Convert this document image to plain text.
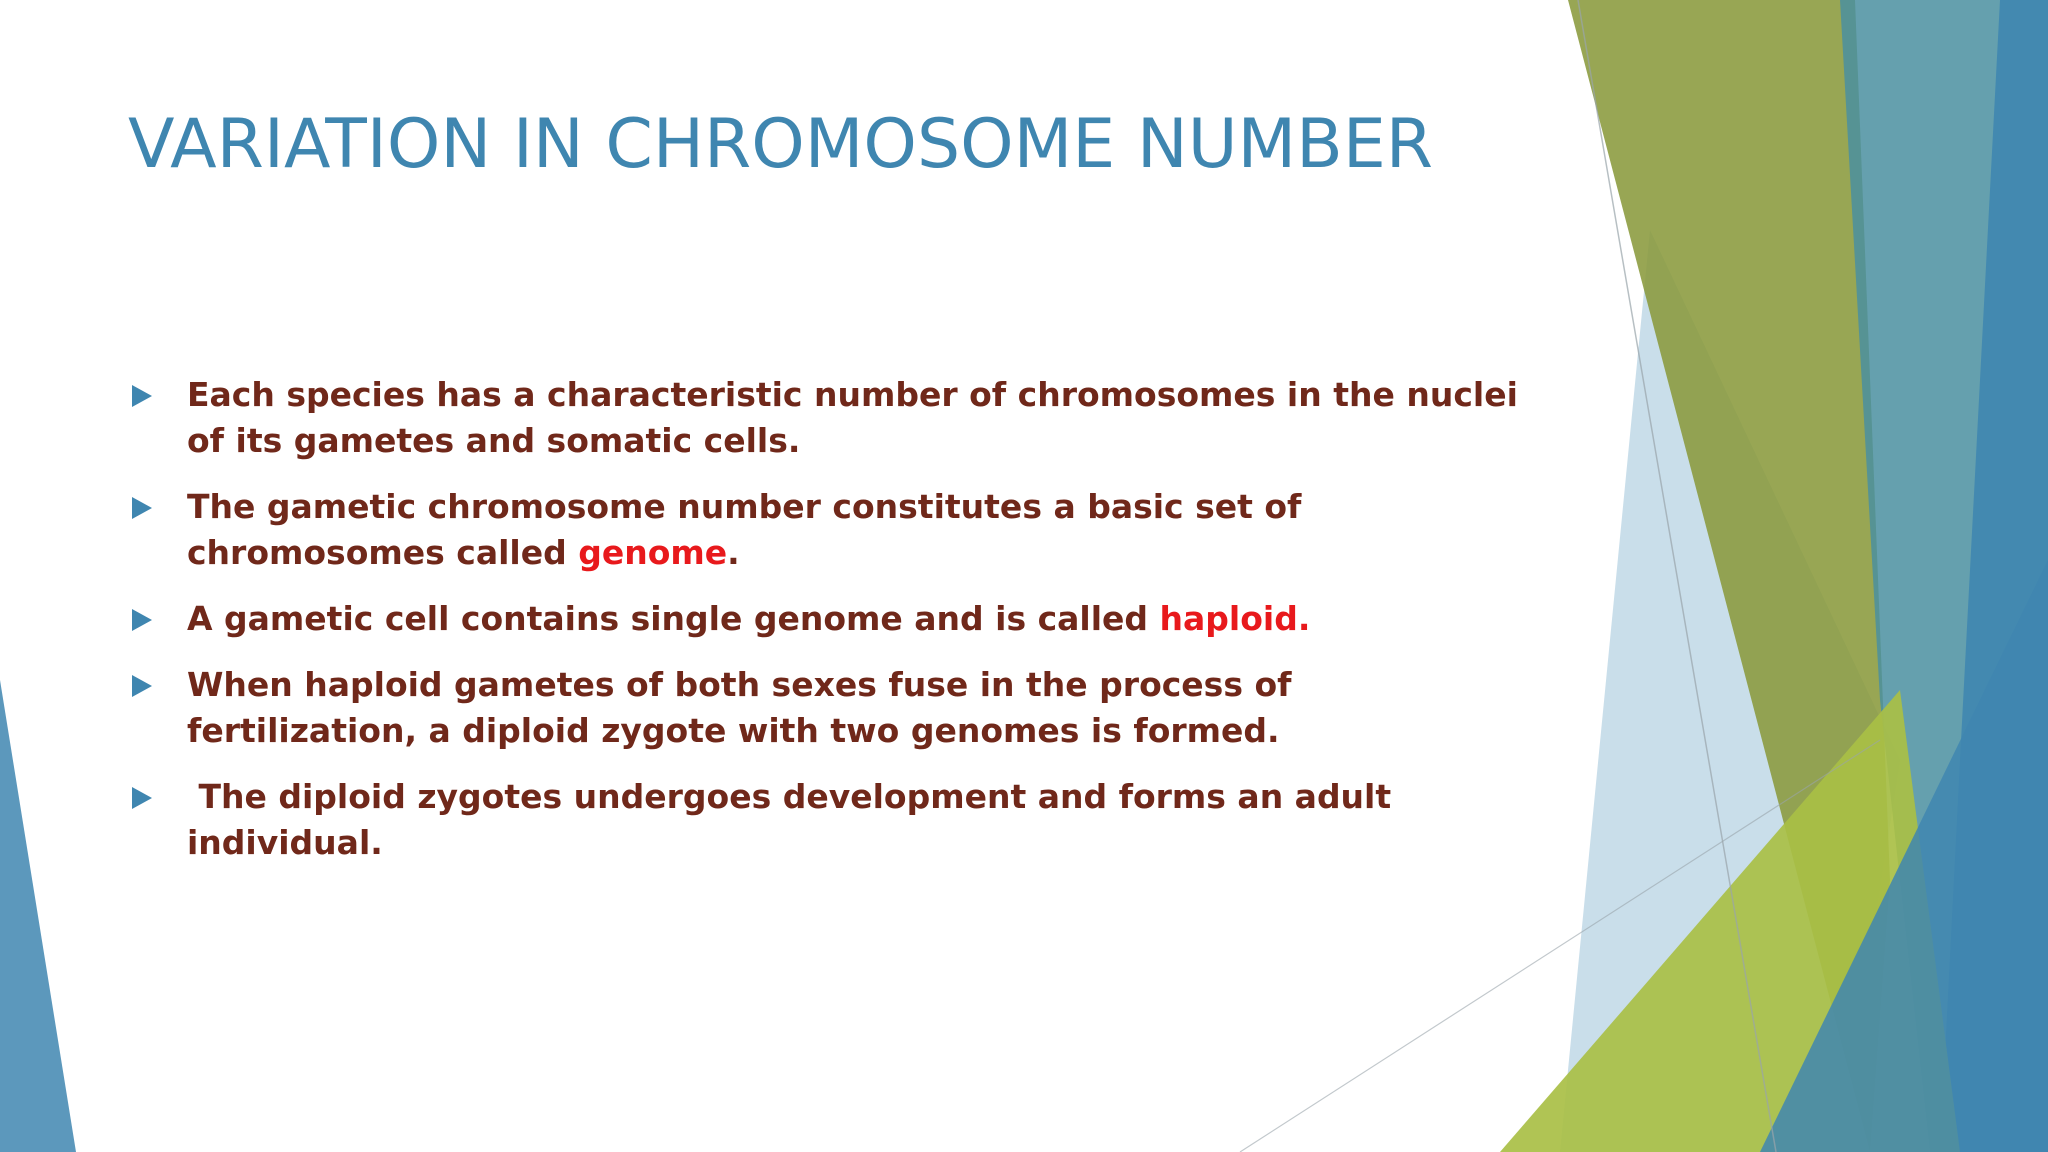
VARIATION IN CHROMOSOME NUMBER
Each species has a characteristic number of chromosomes in the nuclei of its gametes and somatic cells.
The gametic chromosome number constitutes a basic set of chromosomes called genome.
A gametic cell contains single genome and is called haploid.
When haploid gametes of both sexes fuse in the process of fertilization, a diploid zygote with two genomes is formed.
The diploid zygotes undergoes development and forms an adult individual.
